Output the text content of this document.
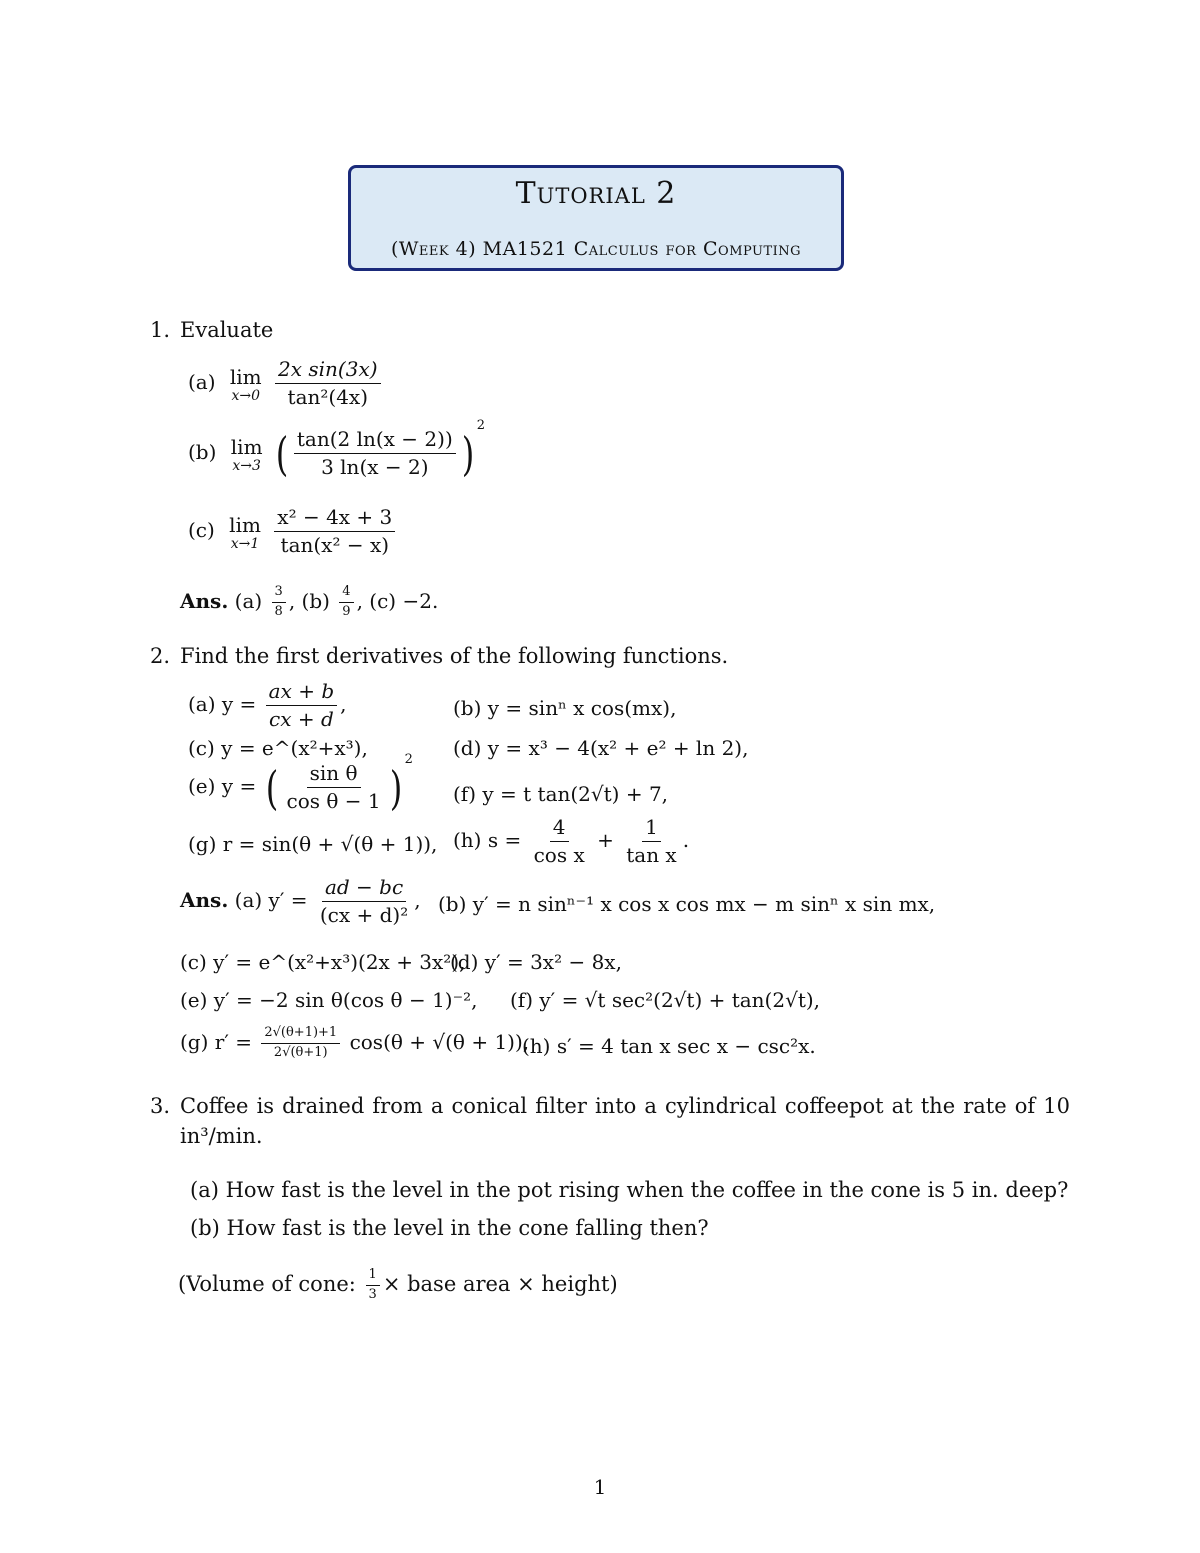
Tutorial 2
(Week 4) MA1521 Calculus for Computing
1. Evaluate
(a) lim
x→0
$\frac{\text{2x sin(3x)}}{\text{tan²(4x)}}$
(b) lim
x→3 ( $\frac{\tan(2 \ln(x - 2))}{3 \ln(x - 2)} )^2$
(c) lim
x→1
$\frac{\text{x² − 4x + 3}}{\text{tan(x² − x)}}$
Ans. $(a) \frac{3}{8}$ , $(b) \frac{4}{9}$ , (c) −2.
2. Find the first derivatives of the following functions.
(a) $y = \frac{ax + b}{cx + d}$ ,	(b) y = sinⁿ x cos(mx),
(c) y = e^(x²+x³),	(d) y = x³ − 4(x² + e² + ln 2),
(e) y = ( $\frac{\text{sin θ}}{\text{cos θ − 1}} )^2$
(f) y = t tan(2√t) + 7,
(g) r = sin(θ + √(θ + 1)), (h) $s = \frac{4}{\text{cos x}} + \frac{1}{\text{tan x}}$ .
Ans. (a) $y' = \frac{ad - bc}{\text{(cx + d)²}}$ , (b) y′ = n sinⁿ⁻¹ x cos x cos mx − m sinⁿ x sin mx,
(c) y′ = e^(x²+x³)(2x + 3x²),
(d) y′ = 3x² − 8x,
(e) y′ = −2 sin θ(cos θ − 1)⁻², (f) y′ = √t sec²(2√t) + tan(2√t),
(g) $r' = \frac{2√(\theta+1)+1}{2√(\theta+1)} \cos(\theta + √(\theta + 1))$,
(h) s′ = 4 tan x sec x − csc²x.
3. Coffee is drained from a conical filter into a cylindrical coffeepot at the rate of 10
in³/min.
(a) How fast is the level in the pot rising when the coffee in the cone is 5 in. deep?
(b) How fast is the level in the cone falling then?
(Volume of cone: $\frac{1}{3}$ × base area × height)
1
